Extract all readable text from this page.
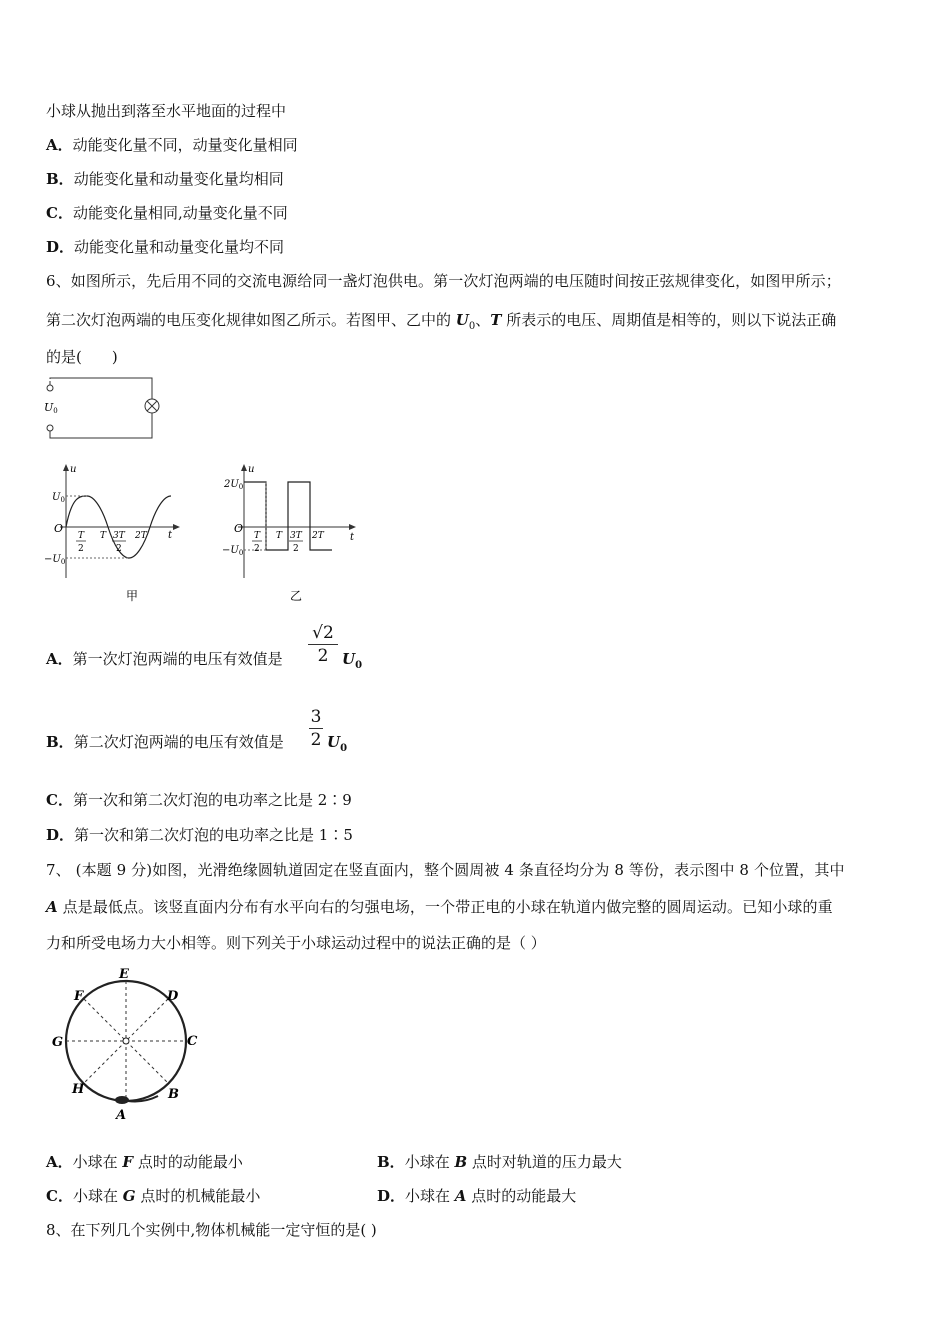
小球从抛出到落至水平地面的过程中
A．动能变化量不同，动量变化量相同
B．动能变化量和动量变化量均相同
C．动能变化量相同,动量变化量不同
D．动能变化量和动量变化量均不同
6、如图所示，先后用不同的交流电源给同一盏灯泡供电。第一次灯泡两端的电压随时间按正弦规律变化，如图甲所示；
第二次灯泡两端的电压变化规律如图乙所示。若图甲、乙中的 $U_0$、T 所表示的电压、周期值是相等的，则以下说法正确
的是(　　)
U0
$U_0$
$-U_0$
u
t
O
T
2
T 3T
2
2T
甲
$2U_0$
$-U_0$
u
t
O
T
2
T 3T
2
2T
乙
A．第一次灯泡两端的电压有效值是 $\frac{√2}{2} U_0$
B．第二次灯泡两端的电压有效值是 $\frac{3}{2} U_0$
C．第一次和第二次灯泡的电功率之比是 2∶9
D．第一次和第二次灯泡的电功率之比是 1∶5
7、 (本题 9 分)如图，光滑绝缘圆轨道固定在竖直面内，整个圆周被 4 条直径均分为 8 等份，表示图中 8 个位置，其中
A 点是最低点。该竖直面内分布有水平向右的匀强电场，一个带正电的小球在轨道内做完整的圆周运动。已知小球的重
力和所受电场力大小相等。则下列关于小球运动过程中的说法正确的是（ ）
⁻
A
B
C
D
E
F
G
H
A．小球在 F 点时的动能最小	B．小球在 B 点时对轨道的压力最大
C．小球在 G 点时的机械能最小	D．小球在 A 点时的动能最大
8、在下列几个实例中,物体机械能一定守恒的是( )
